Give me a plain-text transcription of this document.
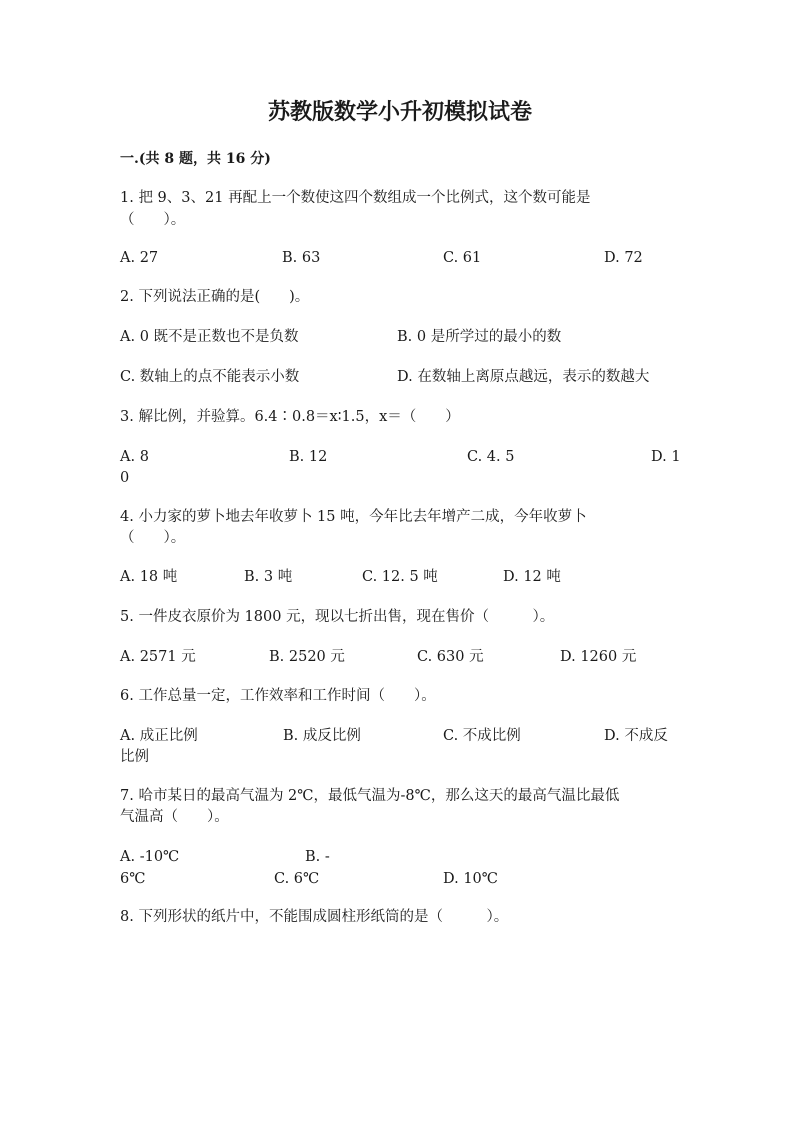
苏教版数学小升初模拟试卷
一.(共 8 题，共 16 分)
1. 把 9、3、21 再配上一个数使这四个数组成一个比例式，这个数可能是
（　　）。
A. 27	B. 63	C. 61	D. 72
2. 下列说法正确的是(　　)。
A. 0 既不是正数也不是负数	B. 0 是所学过的最小的数
C. 数轴上的点不能表示小数	D. 在数轴上离原点越远，表示的数越大
3. 解比例，并验算。6.4∶0.8＝x∶1.5，x＝（　　）
A. 8	B. 12	C. 4. 5	D. 1
0
4. 小力家的萝卜地去年收萝卜 15 吨，今年比去年增产二成，今年收萝卜
（　　）。
A. 18 吨	B. 3 吨	C. 12. 5 吨	D. 12 吨
5. 一件皮衣原价为 1800 元，现以七折出售，现在售价（　　　）。
A. 2571 元	B. 2520 元	C. 630 元	D. 1260 元
6. 工作总量一定，工作效率和工作时间（　　）。
A. 成正比例	B. 成反比例	C. 不成比例	D. 不成反
比例
7. 哈市某日的最高气温为 2℃，最低气温为-8℃，那么这天的最高气温比最低
气温高（　　）。
A. -10℃	B. -
6℃	C. 6℃	D. 10℃
8. 下列形状的纸片中，不能围成圆柱形纸筒的是（　　　）。
